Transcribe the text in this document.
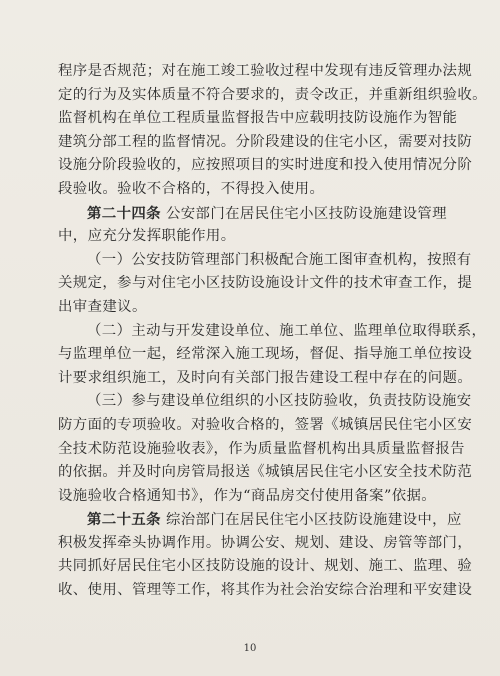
程序是否规范；对在施工竣工验收过程中发现有违反管理办法规
定的行为及实体质量不符合要求的，责令改正，并重新组织验收。
监督机构在单位工程质量监督报告中应载明技防设施作为智能
建筑分部工程的监督情况。分阶段建设的住宅小区，需要对技防
设施分阶段验收的，应按照项目的实时进度和投入使用情况分阶
段验收。验收不合格的，不得投入使用。
第二十四条 公安部门在居民住宅小区技防设施建设管理
中，应充分发挥职能作用。
（一）公安技防管理部门积极配合施工图审查机构，按照有
关规定，参与对住宅小区技防设施设计文件的技术审查工作，提
出审查建议。
（二）主动与开发建设单位、施工单位、监理单位取得联系，
与监理单位一起，经常深入施工现场，督促、指导施工单位按设
计要求组织施工，及时向有关部门报告建设工程中存在的问题。
（三）参与建设单位组织的小区技防验收，负责技防设施安
防方面的专项验收。对验收合格的，签署《城镇居民住宅小区安
全技术防范设施验收表》，作为质量监督机构出具质量监督报告
的依据。并及时向房管局报送《城镇居民住宅小区安全技术防范
设施验收合格通知书》，作为“商品房交付使用备案”依据。
第二十五条 综治部门在居民住宅小区技防设施建设中，应
积极发挥牵头协调作用。协调公安、规划、建设、房管等部门，
共同抓好居民住宅小区技防设施的设计、规划、施工、监理、验
收、使用、管理等工作，将其作为社会治安综合治理和平安建设
10
